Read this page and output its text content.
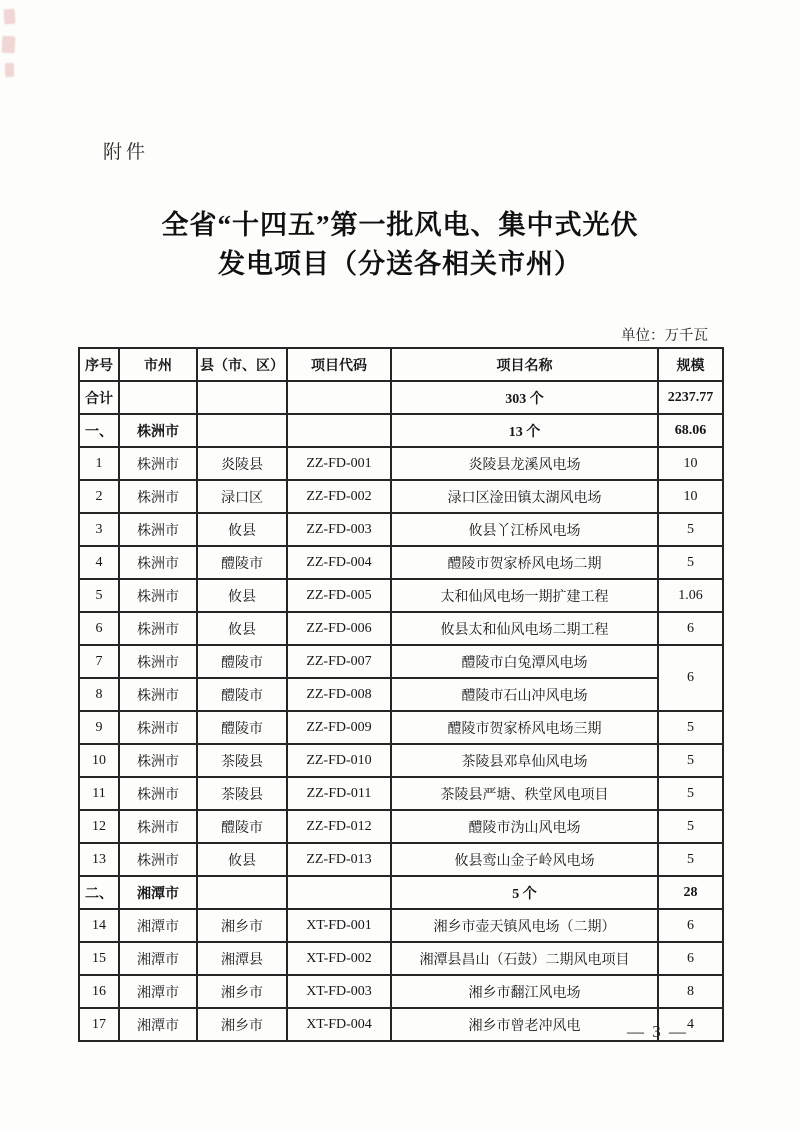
附件
全省“十四五”第一批风电、集中式光伏
发电项目（分送各相关市州）
单位：万千瓦
序号	市州	县（市、区）	项目代码	项目名称	规模
合计				303 个	2237.77
一、	株洲市			13 个	68.06
1	株洲市	炎陵县	ZZ-FD-001	炎陵县龙溪风电场	10
2	株洲市	渌口区	ZZ-FD-002	渌口区淦田镇太湖风电场	10
3	株洲市	攸县	ZZ-FD-003	攸县丫江桥风电场	5
4	株洲市	醴陵市	ZZ-FD-004	醴陵市贺家桥风电场二期	5
5	株洲市	攸县	ZZ-FD-005	太和仙风电场一期扩建工程	1.06
6	株洲市	攸县	ZZ-FD-006	攸县太和仙风电场二期工程	6
7	株洲市	醴陵市	ZZ-FD-007	醴陵市白兔潭风电场	6
8	株洲市	醴陵市	ZZ-FD-008	醴陵市石山冲风电场	
9	株洲市	醴陵市	ZZ-FD-009	醴陵市贺家桥风电场三期	5
10	株洲市	茶陵县	ZZ-FD-010	茶陵县邓阜仙风电场	5
11	株洲市	茶陵县	ZZ-FD-011	茶陵县严塘、秩堂风电项目	5
12	株洲市	醴陵市	ZZ-FD-012	醴陵市沩山风电场	5
13	株洲市	攸县	ZZ-FD-013	攸县鸾山金子岭风电场	5
二、	湘潭市			5 个	28
14	湘潭市	湘乡市	XT-FD-001	湘乡市壶天镇风电场（二期）	6
15	湘潭市	湘潭县	XT-FD-002	湘潭县昌山（石鼓）二期风电项目	6
16	湘潭市	湘乡市	XT-FD-003	湘乡市翻江风电场	8
17	湘潭市	湘乡市	XT-FD-004	湘乡市曾老冲风电	4
— 3 —
